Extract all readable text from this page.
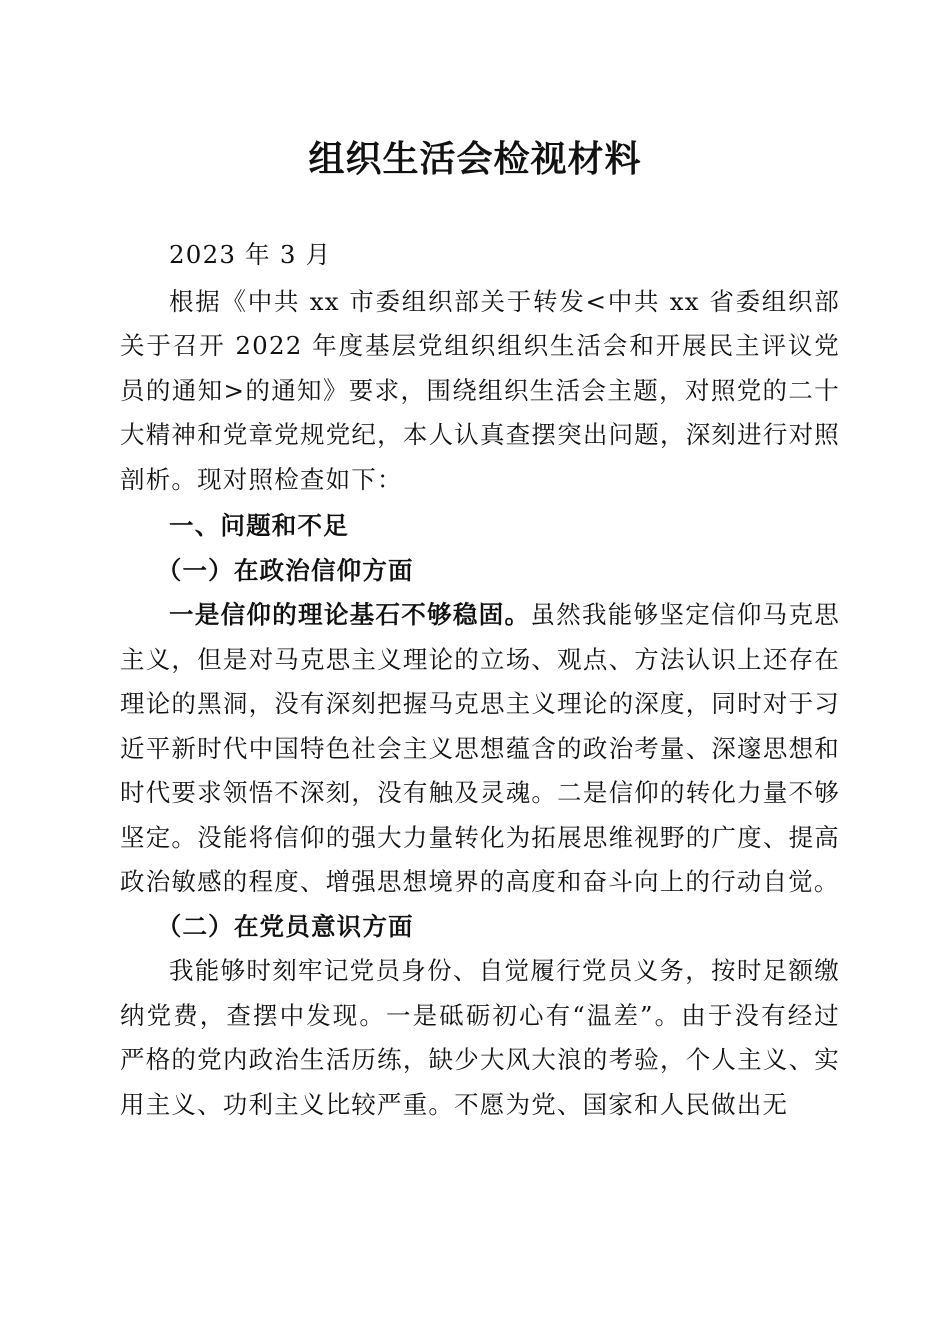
组织生活会检视材料

2023 年 3 月

根据《中共 xx 市委组织部关于转发<中共 xx 省委组织部关于召开 2022 年度基层党组织组织生活会和开展民主评议党员的通知>的通知》要求，围绕组织生活会主题，对照党的二十大精神和党章党规党纪，本人认真查摆突出问题，深刻进行对照剖析。现对照检查如下：

一、问题和不足

（一）在政治信仰方面

一是信仰的理论基石不够稳固。虽然我能够坚定信仰马克思主义，但是对马克思主义理论的立场、观点、方法认识上还存在理论的黑洞，没有深刻把握马克思主义理论的深度，同时对于习近平新时代中国特色社会主义思想蕴含的政治考量、深邃思想和时代要求领悟不深刻，没有触及灵魂。二是信仰的转化力量不够坚定。没能将信仰的强大力量转化为拓展思维视野的广度、提高政治敏感的程度、增强思想境界的高度和奋斗向上的行动自觉。

（二）在党员意识方面

我能够时刻牢记党员身份、自觉履行党员义务，按时足额缴纳党费，查摆中发现。一是砥砺初心有“温差”。由于没有经过严格的党内政治生活历练，缺少大风大浪的考验，个人主义、实用主义、功利主义比较严重。不愿为党、国家和人民做出无
